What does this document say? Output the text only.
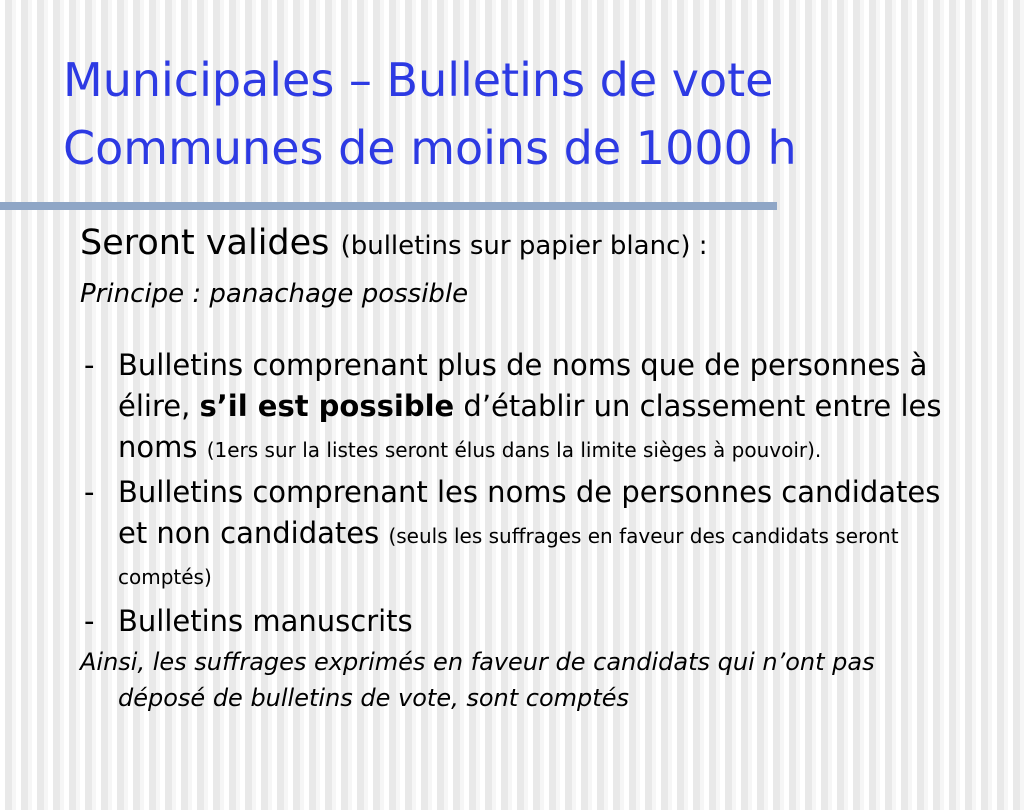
Municipales – Bulletins de vote
Communes de moins de 1000 h

Seront valides (bulletins sur papier blanc) :

Principe : panachage possible

- Bulletins comprenant plus de noms que de personnes à élire, s’il est possible d’établir un classement entre les noms (1ers sur la listes seront élus dans la limite sièges à pouvoir).
- Bulletins comprenant les noms de personnes candidates et non candidates (seuls les suffrages en faveur des candidats seront comptés)
- Bulletins manuscrits

Ainsi, les suffrages exprimés en faveur de candidats qui n’ont pas déposé de bulletins de vote, sont comptés
